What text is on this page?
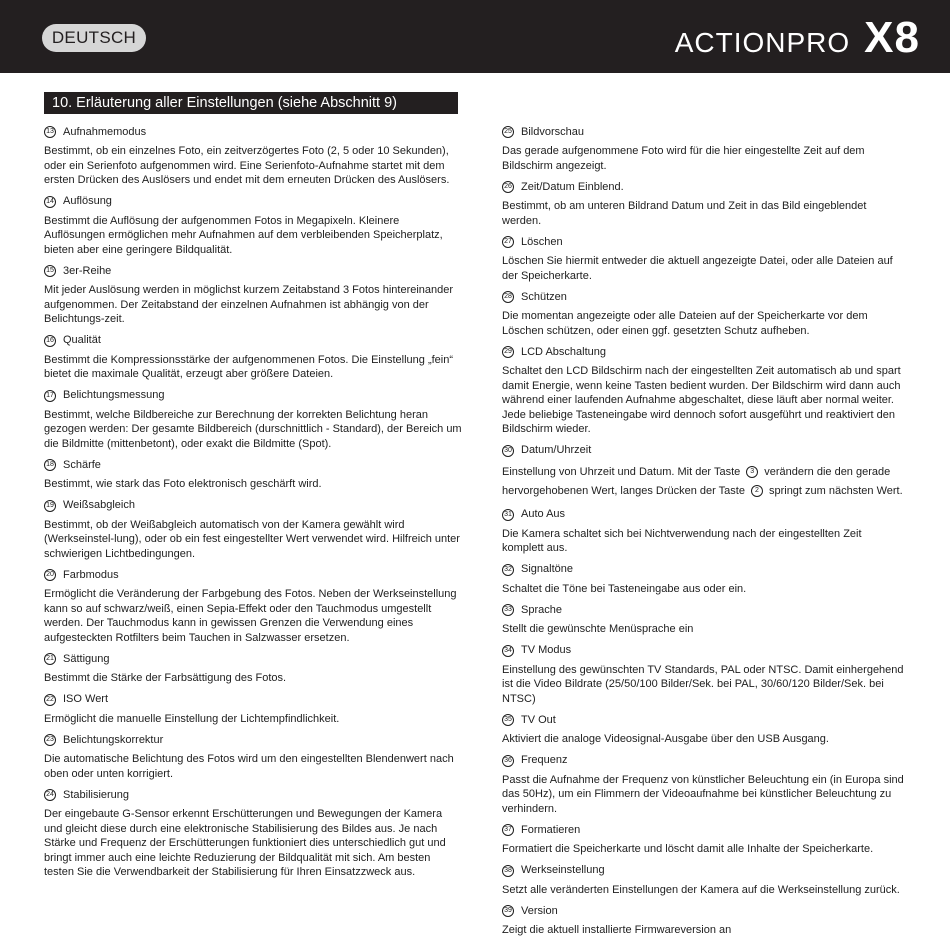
DEUTSCH	ACTIONPRO X8
10. Erläuterung aller Einstellungen (siehe Abschnitt 9)
13 Aufnahmemodus
Bestimmt, ob ein einzelnes Foto, ein zeitverzögertes Foto (2, 5 oder 10 Sekunden), oder ein Serienfoto aufgenommen wird. Eine Serienfoto-Aufnahme startet mit dem ersten Drücken des Auslösers und endet mit dem erneuten Drücken des Auslösers.
14 Auflösung
Bestimmt die Auflösung der aufgenommen Fotos in Megapixeln. Kleinere Auflösungen ermöglichen mehr Aufnahmen auf dem verbleibenden Speicherplatz, bieten aber eine geringere Bildqualität.
15 3er-Reihe
Mit jeder Auslösung werden in möglichst kurzem Zeitabstand 3 Fotos hintereinander aufgenommen. Der Zeitabstand der einzelnen Aufnahmen ist abhängig von der Belichtungs-zeit.
16 Qualität
Bestimmt die Kompressionsstärke der aufgenommenen Fotos. Die Einstellung „fein“ bietet die maximale Qualität, erzeugt aber größere Dateien.
17 Belichtungsmessung
Bestimmt, welche Bildbereiche zur Berechnung der korrekten Belichtung heran gezogen werden: Der gesamte Bildbereich (durschnittlich - Standard), der Bereich um die Bildmitte (mittenbetont), oder exakt die Bildmitte (Spot).
18 Schärfe
Bestimmt, wie stark das Foto elektronisch geschärft wird.
19 Weißsabgleich
Bestimmt, ob der Weißabgleich automatisch von der Kamera gewählt wird (Werkseinstel-lung), oder ob ein fest eingestellter Wert verwendet wird. Hilfreich unter schwierigen Lichtbedingungen.
20 Farbmodus
Ermöglicht die Veränderung der Farbgebung des Fotos. Neben der Werkseinstellung kann so auf schwarz/weiß, einen Sepia-Effekt oder den Tauchmodus umgestellt werden. Der Tauchmodus kann in gewissen Grenzen die Verwendung eines aufgesteckten Rotfilters beim Tauchen in Salzwasser ersetzen.
21 Sättigung
Bestimmt die Stärke der Farbsättigung des Fotos.
22 ISO Wert
Ermöglicht die manuelle Einstellung der Lichtempfindlichkeit.
23 Belichtungskorrektur
Die automatische Belichtung des Fotos wird um den eingestellten Blendenwert nach oben oder unten korrigiert.
24 Stabilisierung
Der eingebaute G-Sensor erkennt Erschütterungen und Bewegungen der Kamera und gleicht diese durch eine elektronische Stabilisierung des Bildes aus. Je nach Stärke und Frequenz der Erschütterungen funktioniert dies unterschiedlich gut und bringt immer auch eine leichte Reduzierung der Bildqualität mit sich. Am besten testen Sie die Verwendbarkeit der Stabilisierung für Ihren Einsatzzweck aus.
25 Bildvorschau
Das gerade aufgenommene Foto wird für die hier eingestellte Zeit auf dem Bildschirm angezeigt.
26 Zeit/Datum Einblend.
Bestimmt, ob am unteren Bildrand Datum und Zeit in das Bild eingeblendet werden.
27 Löschen
Löschen Sie hiermit entweder die aktuell angezeigte Datei, oder alle Dateien auf der Speicherkarte.
28 Schützen
Die momentan angezeigte oder alle Dateien auf der Speicherkarte vor dem Löschen schützen, oder einen ggf. gesetzten Schutz aufheben.
29 LCD Abschaltung
Schaltet den LCD Bildschirm nach der eingestellten Zeit automatisch ab und spart damit Energie, wenn keine Tasten bedient wurden. Der Bildschirm wird dann auch während einer laufenden Aufnahme abgeschaltet, diese läuft aber normal weiter. Jede beliebige Tasteneingabe wird dennoch sofort ausgeführt und reaktiviert den Bildschirm wieder.
30 Datum/Uhrzeit
Einstellung von Uhrzeit und Datum. Mit der Taste 3 verändern die den gerade
hervorgehobenen Wert, langes Drücken der Taste 2 springt zum nächsten Wert.
31 Auto Aus
Die Kamera schaltet sich bei Nichtverwendung nach der eingestellten Zeit komplett aus.
32 Signaltöne
Schaltet die Töne bei Tasteneingabe aus oder ein.
33 Sprache
Stellt die gewünschte Menüsprache ein
34 TV Modus
Einstellung des gewünschten TV Standards, PAL oder NTSC. Damit einhergehend ist die Video Bildrate (25/50/100 Bilder/Sek. bei PAL, 30/60/120 Bilder/Sek. bei NTSC)
35 TV Out
Aktiviert die analoge Videosignal-Ausgabe über den USB Ausgang.
36 Frequenz
Passt die Aufnahme der Frequenz von künstlicher Beleuchtung ein (in Europa sind das 50Hz), um ein Flimmern der Videoaufnahme bei künstlicher Beleuchtung zu verhindern.
37 Formatieren
Formatiert die Speicherkarte und löscht damit alle Inhalte der Speicherkarte.
38 Werkseinstellung
Setzt alle veränderten Einstellungen der Kamera auf die Werkseinstellung zurück.
39 Version
Zeigt die aktuell installierte Firmwareversion an
